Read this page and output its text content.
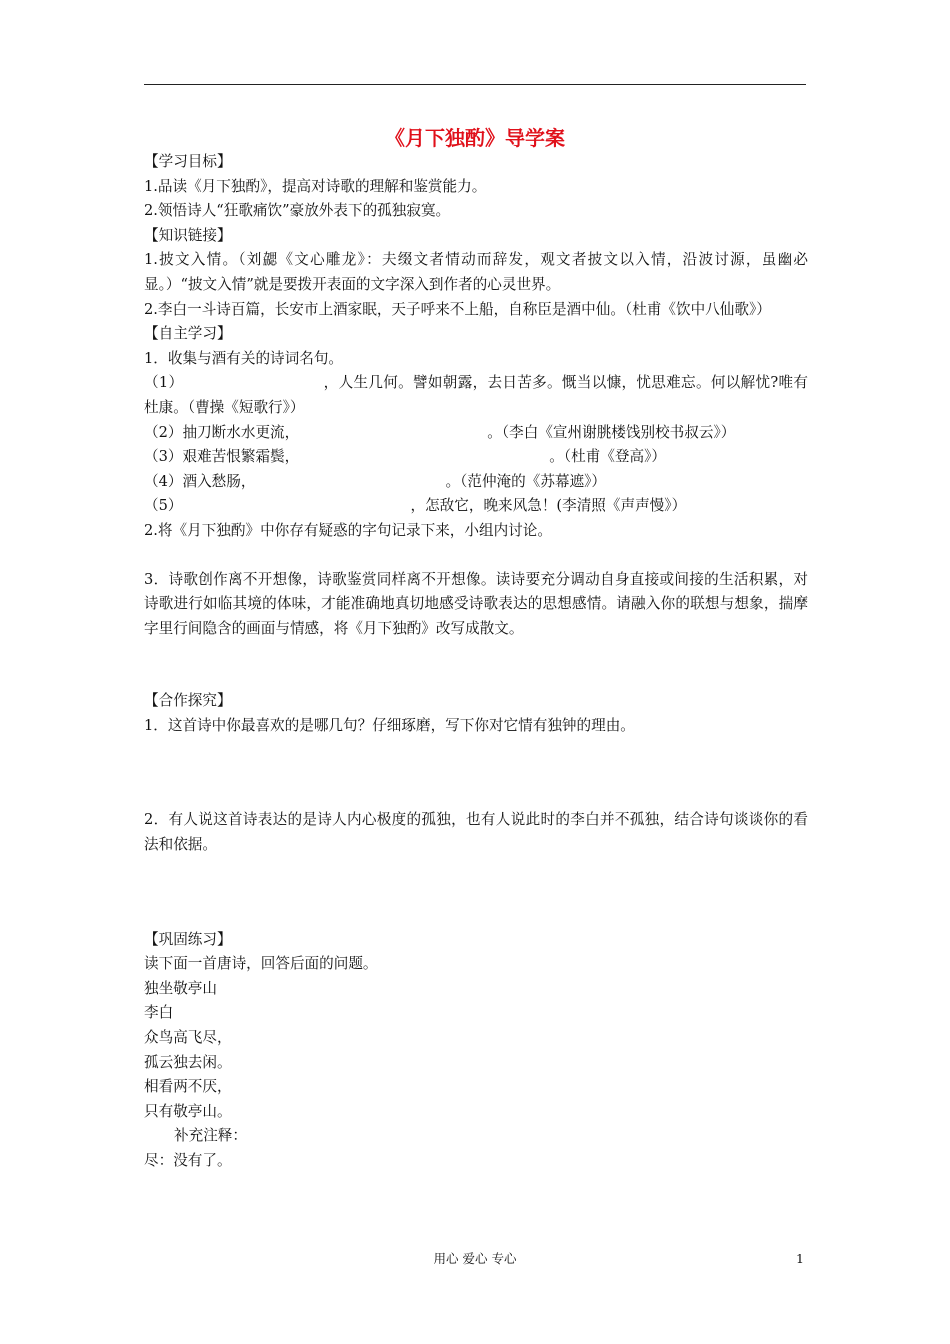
《月下独酌》导学案

【学习目标】

1.品读《月下独酌》，提高对诗歌的理解和鉴赏能力。

2.领悟诗人“狂歌痛饮”豪放外表下的孤独寂寞。

【知识链接】

1.披文入情。（刘勰《文心雕龙》：夫缀文者情动而辞发，观文者披文以入情，沿波讨源，虽幽必显。）“披文入情”就是要拨开表面的文字深入到作者的心灵世界。

2.李白一斗诗百篇，长安市上酒家眠，天子呼来不上船，自称臣是酒中仙。（杜甫《饮中八仙歌》）

【自主学习】

1．收集与酒有关的诗词名句。

（1）	，人生几何。譬如朝露，去日苦多。慨当以慷，忧思难忘。何以解忧?唯有杜康。（曹操《短歌行》）

（2）抽刀断水水更流，	。（李白《宣州谢朓楼饯别校书叔云》）

（3）艰难苦恨繁霜鬓，	。（杜甫《登高》）

（4）酒入愁肠，	。（范仲淹的《苏幕遮》）

（5）	，怎敌它，晚来风急！(李清照《声声慢》）

2.将《月下独酌》中你存有疑惑的字句记录下来，小组内讨论。

3．诗歌创作离不开想像，诗歌鉴赏同样离不开想像。读诗要充分调动自身直接或间接的生活积累，对诗歌进行如临其境的体味，才能准确地真切地感受诗歌表达的思想感情。请融入你的联想与想象，揣摩字里行间隐含的画面与情感，将《月下独酌》改写成散文。

【合作探究】

1．这首诗中你最喜欢的是哪几句？仔细琢磨，写下你对它情有独钟的理由。

2．有人说这首诗表达的是诗人内心极度的孤独，也有人说此时的李白并不孤独，结合诗句谈谈你的看法和依据。

【巩固练习】

读下面一首唐诗，回答后面的问题。

独坐敬亭山

李白

众鸟高飞尽，

孤云独去闲。

相看两不厌，

只有敬亭山。

补充注释：

尽：没有了。

用心 爱心 专心	1
